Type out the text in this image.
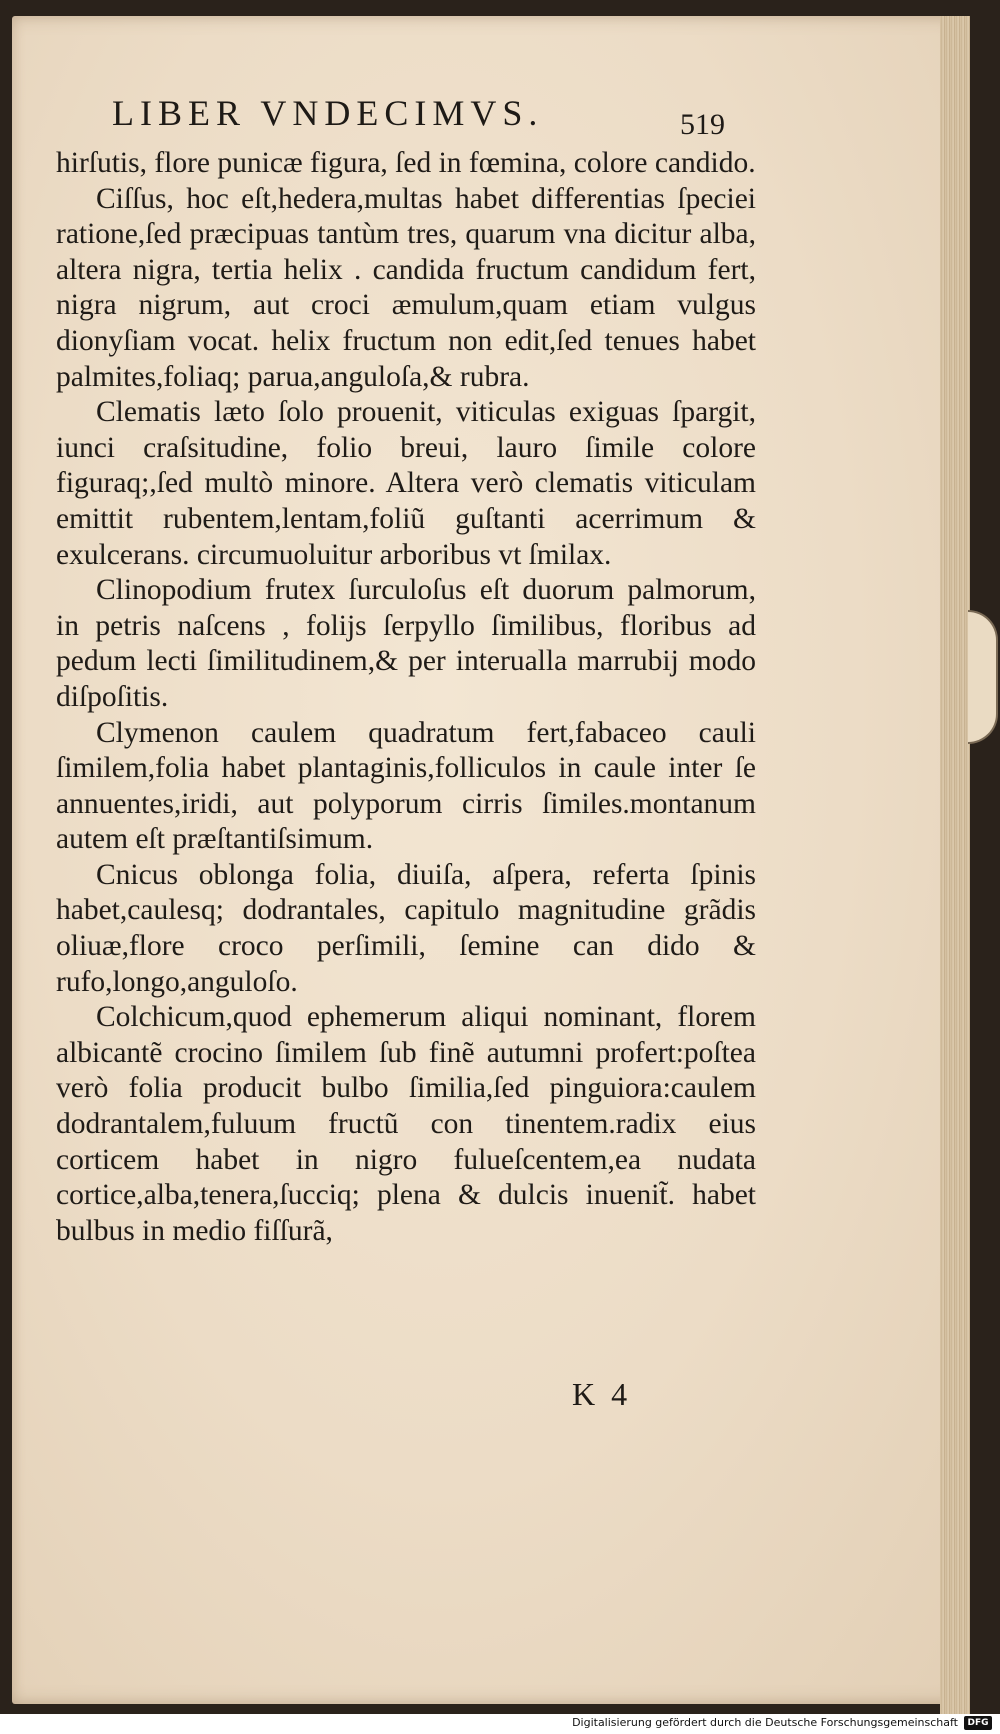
LIBER VNDECIMVS.	519

hirſutis, flore punicæ figura, ſed in fœmina, colore candido.

Ciſſus, hoc eſt,hedera,multas habet differentias ſpeciei ratione,ſed præcipuas tantùm tres, quarum vna dicitur alba, altera nigra, tertia helix . candida fructum candidum fert, nigra nigrum, aut croci æmulum,quam etiam vulgus dionyſiam vocat. helix fructum non edit,ſed tenues habet palmites,foliaq; parua,anguloſa,& rubra.

Clematis læto ſolo prouenit, viticulas exiguas ſpargit, iunci craſsitudine, folio breui, lauro ſimile colore figuraq;,ſed multò minore. Altera verò clematis viticulam emittit rubentem,lentam,foliũ guſtanti acerrimum & exulcerans. circumuoluitur arboribus vt ſmilax.

Clinopodium frutex ſurculoſus eſt duorum palmorum, in petris naſcens , folijs ſerpyllo ſimilibus, floribus ad pedum lecti ſimilitudinem,& per interualla marrubij modo diſpoſitis.

Clymenon caulem quadratum fert,fabaceo cauli ſimilem,folia habet plantaginis,folliculos in caule inter ſe annuentes,iridi, aut polyporum cirris ſimiles.montanum autem eſt præſtantiſsimum.

Cnicus oblonga folia, diuiſa, aſpera, referta ſpinis habet,caulesq; dodrantales, capitulo magnitudine grãdis oliuæ,flore croco perſimili, ſemine can dido & rufo,longo,anguloſo.

Colchicum,quod ephemerum aliqui nominant, florem albicantẽ crocino ſimilem ſub finẽ autumni profert:poſtea verò folia producit bulbo ſimilia,ſed pinguiora:caulem dodrantalem,fuluum fructũ con tinentem.radix eius corticem habet in nigro fulueſcentem,ea nudata cortice,alba,tenera,ſucciq; plena & dulcis inuenit̃. habet bulbus in medio fiſſurã,

K 4
Digitalisierung gefördert durch die Deutsche Forschungsgemeinschaft	DFG
